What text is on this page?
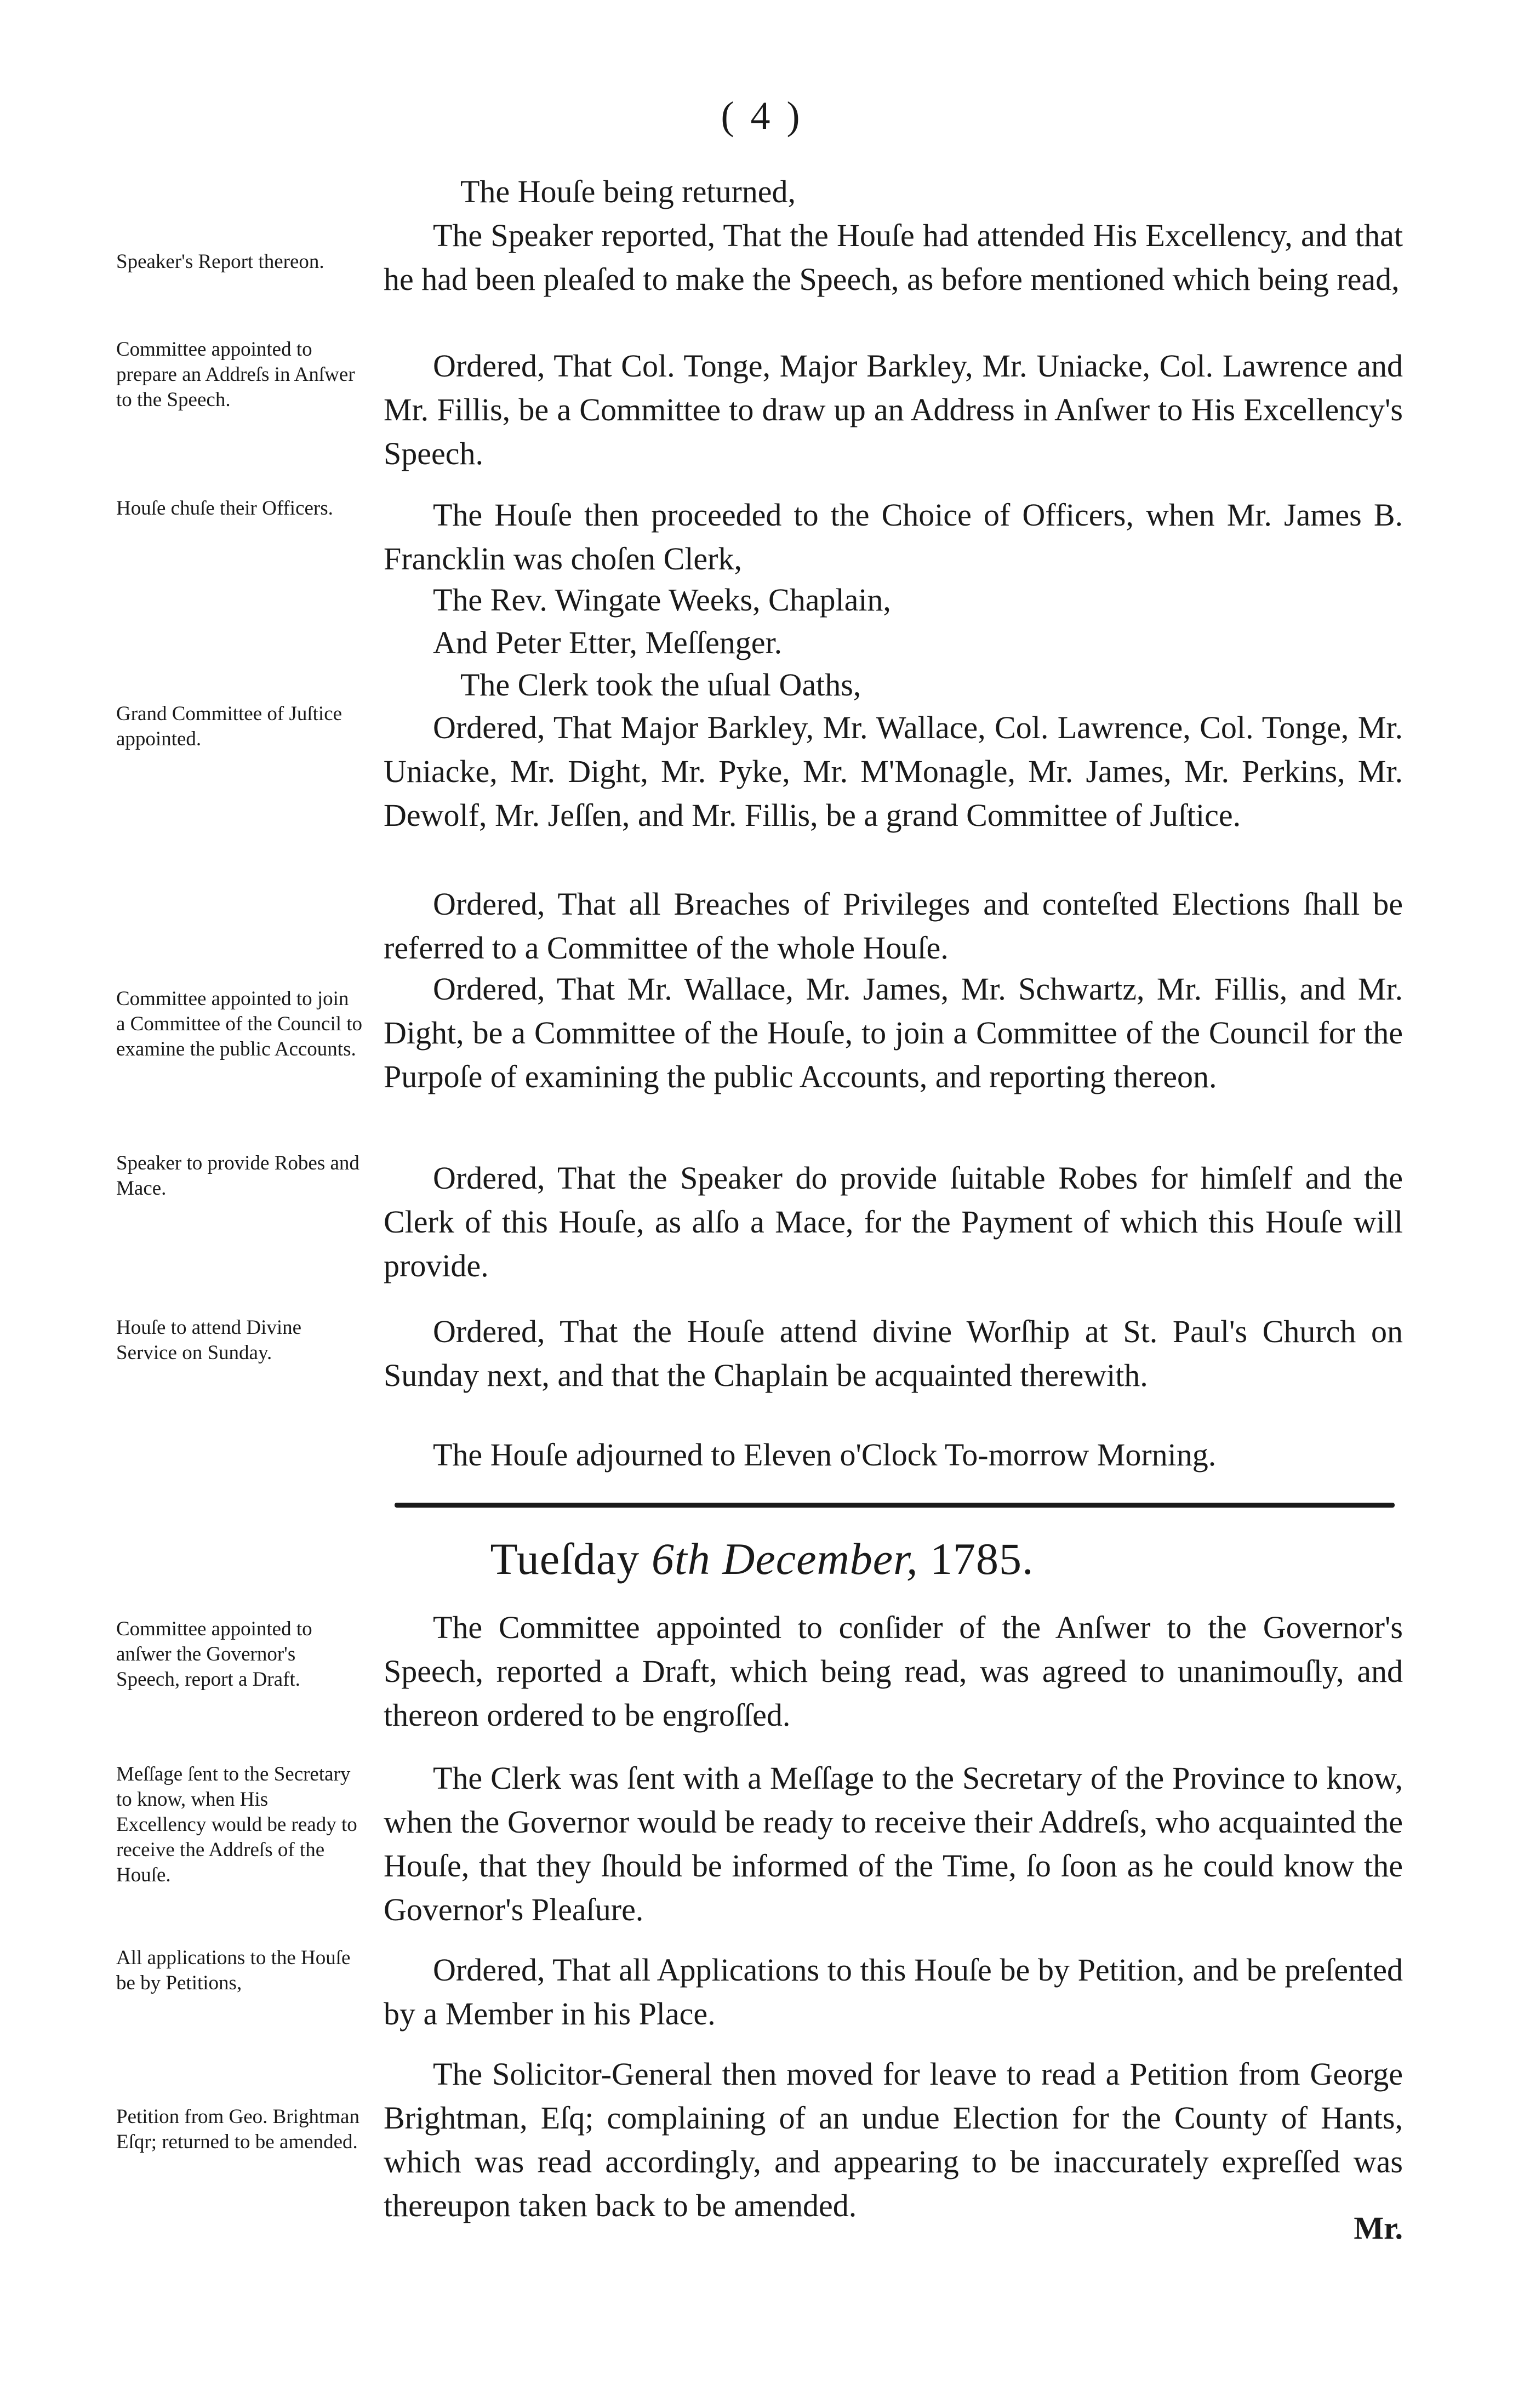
( 4 )
The Houſe being returned,
The Speaker reported, That the Houſe had attended His Excellency, and that he had been pleaſed to make the Speech, as before mentioned which being read,
Ordered, That Col. Tonge, Major Barkley, Mr. Uniacke, Col. Lawrence and Mr. Fillis, be a Committee to draw up an Address in Anſwer to His Excellency's Speech.
The Houſe then proceeded to the Choice of Officers, when Mr. James B. Francklin was choſen Clerk,
The Rev. Wingate Weeks, Chaplain,
And Peter Etter, Meſſenger.
The Clerk took the uſual Oaths,
Ordered, That Major Barkley, Mr. Wallace, Col. Lawrence, Col. Tonge, Mr. Uniacke, Mr. Dight, Mr. Pyke, Mr. M'Monagle, Mr. James, Mr. Perkins, Mr. Dewolf, Mr. Jeſſen, and Mr. Fillis, be a grand Committee of Juſtice.
Ordered, That all Breaches of Privileges and conteſted Elections ſhall be referred to a Committee of the whole Houſe.
Ordered, That Mr. Wallace, Mr. James, Mr. Schwartz, Mr. Fillis, and Mr. Dight, be a Committee of the Houſe, to join a Committee of the Council for the Purpoſe of examining the public Accounts, and reporting thereon.
Ordered, That the Speaker do provide ſuitable Robes for himſelf and the Clerk of this Houſe, as alſo a Mace, for the Payment of which this Houſe will provide.
Ordered, That the Houſe attend divine Worſhip at St. Paul's Church on Sunday next, and that the Chaplain be acquainted therewith.
The Houſe adjourned to Eleven o'Clock To-morrow Morning.
Tueſday 6th December, 1785.
The Committee appointed to conſider of the Anſwer to the Governor's Speech, reported a Draft, which being read, was agreed to unanimouſly, and thereon ordered to be engroſſed.
The Clerk was ſent with a Meſſage to the Secretary of the Province to know, when the Governor would be ready to receive their Addreſs, who acquainted the Houſe, that they ſhould be informed of the Time, ſo ſoon as he could know the Governor's Pleaſure.
Ordered, That all Applications to this Houſe be by Petition, and be preſented by a Member in his Place.
The Solicitor-General then moved for leave to read a Petition from George Brightman, Eſq; complaining of an undue Election for the County of Hants, which was read accordingly, and appearing to be inaccurately expreſſed was thereupon taken back to be amended.
Mr.
Speaker's Report thereon.
Committee appointed to prepare an Addreſs in Anſwer to the Speech.
Houſe chuſe their Officers.
Grand Committee of Juſtice appointed.
Committee appointed to join a Committee of the Council to examine the public Accounts.
Speaker to provide Robes and Mace.
Houſe to attend Divine Service on Sunday.
Committee appointed to anſwer the Governor's Speech, report a Draft.
Meſſage ſent to the Secretary to know, when His Excellency would be ready to receive the Addreſs of the Houſe.
All applications to the Houſe be by Petitions,
Petition from Geo. Brightman Eſqr; returned to be amended.
